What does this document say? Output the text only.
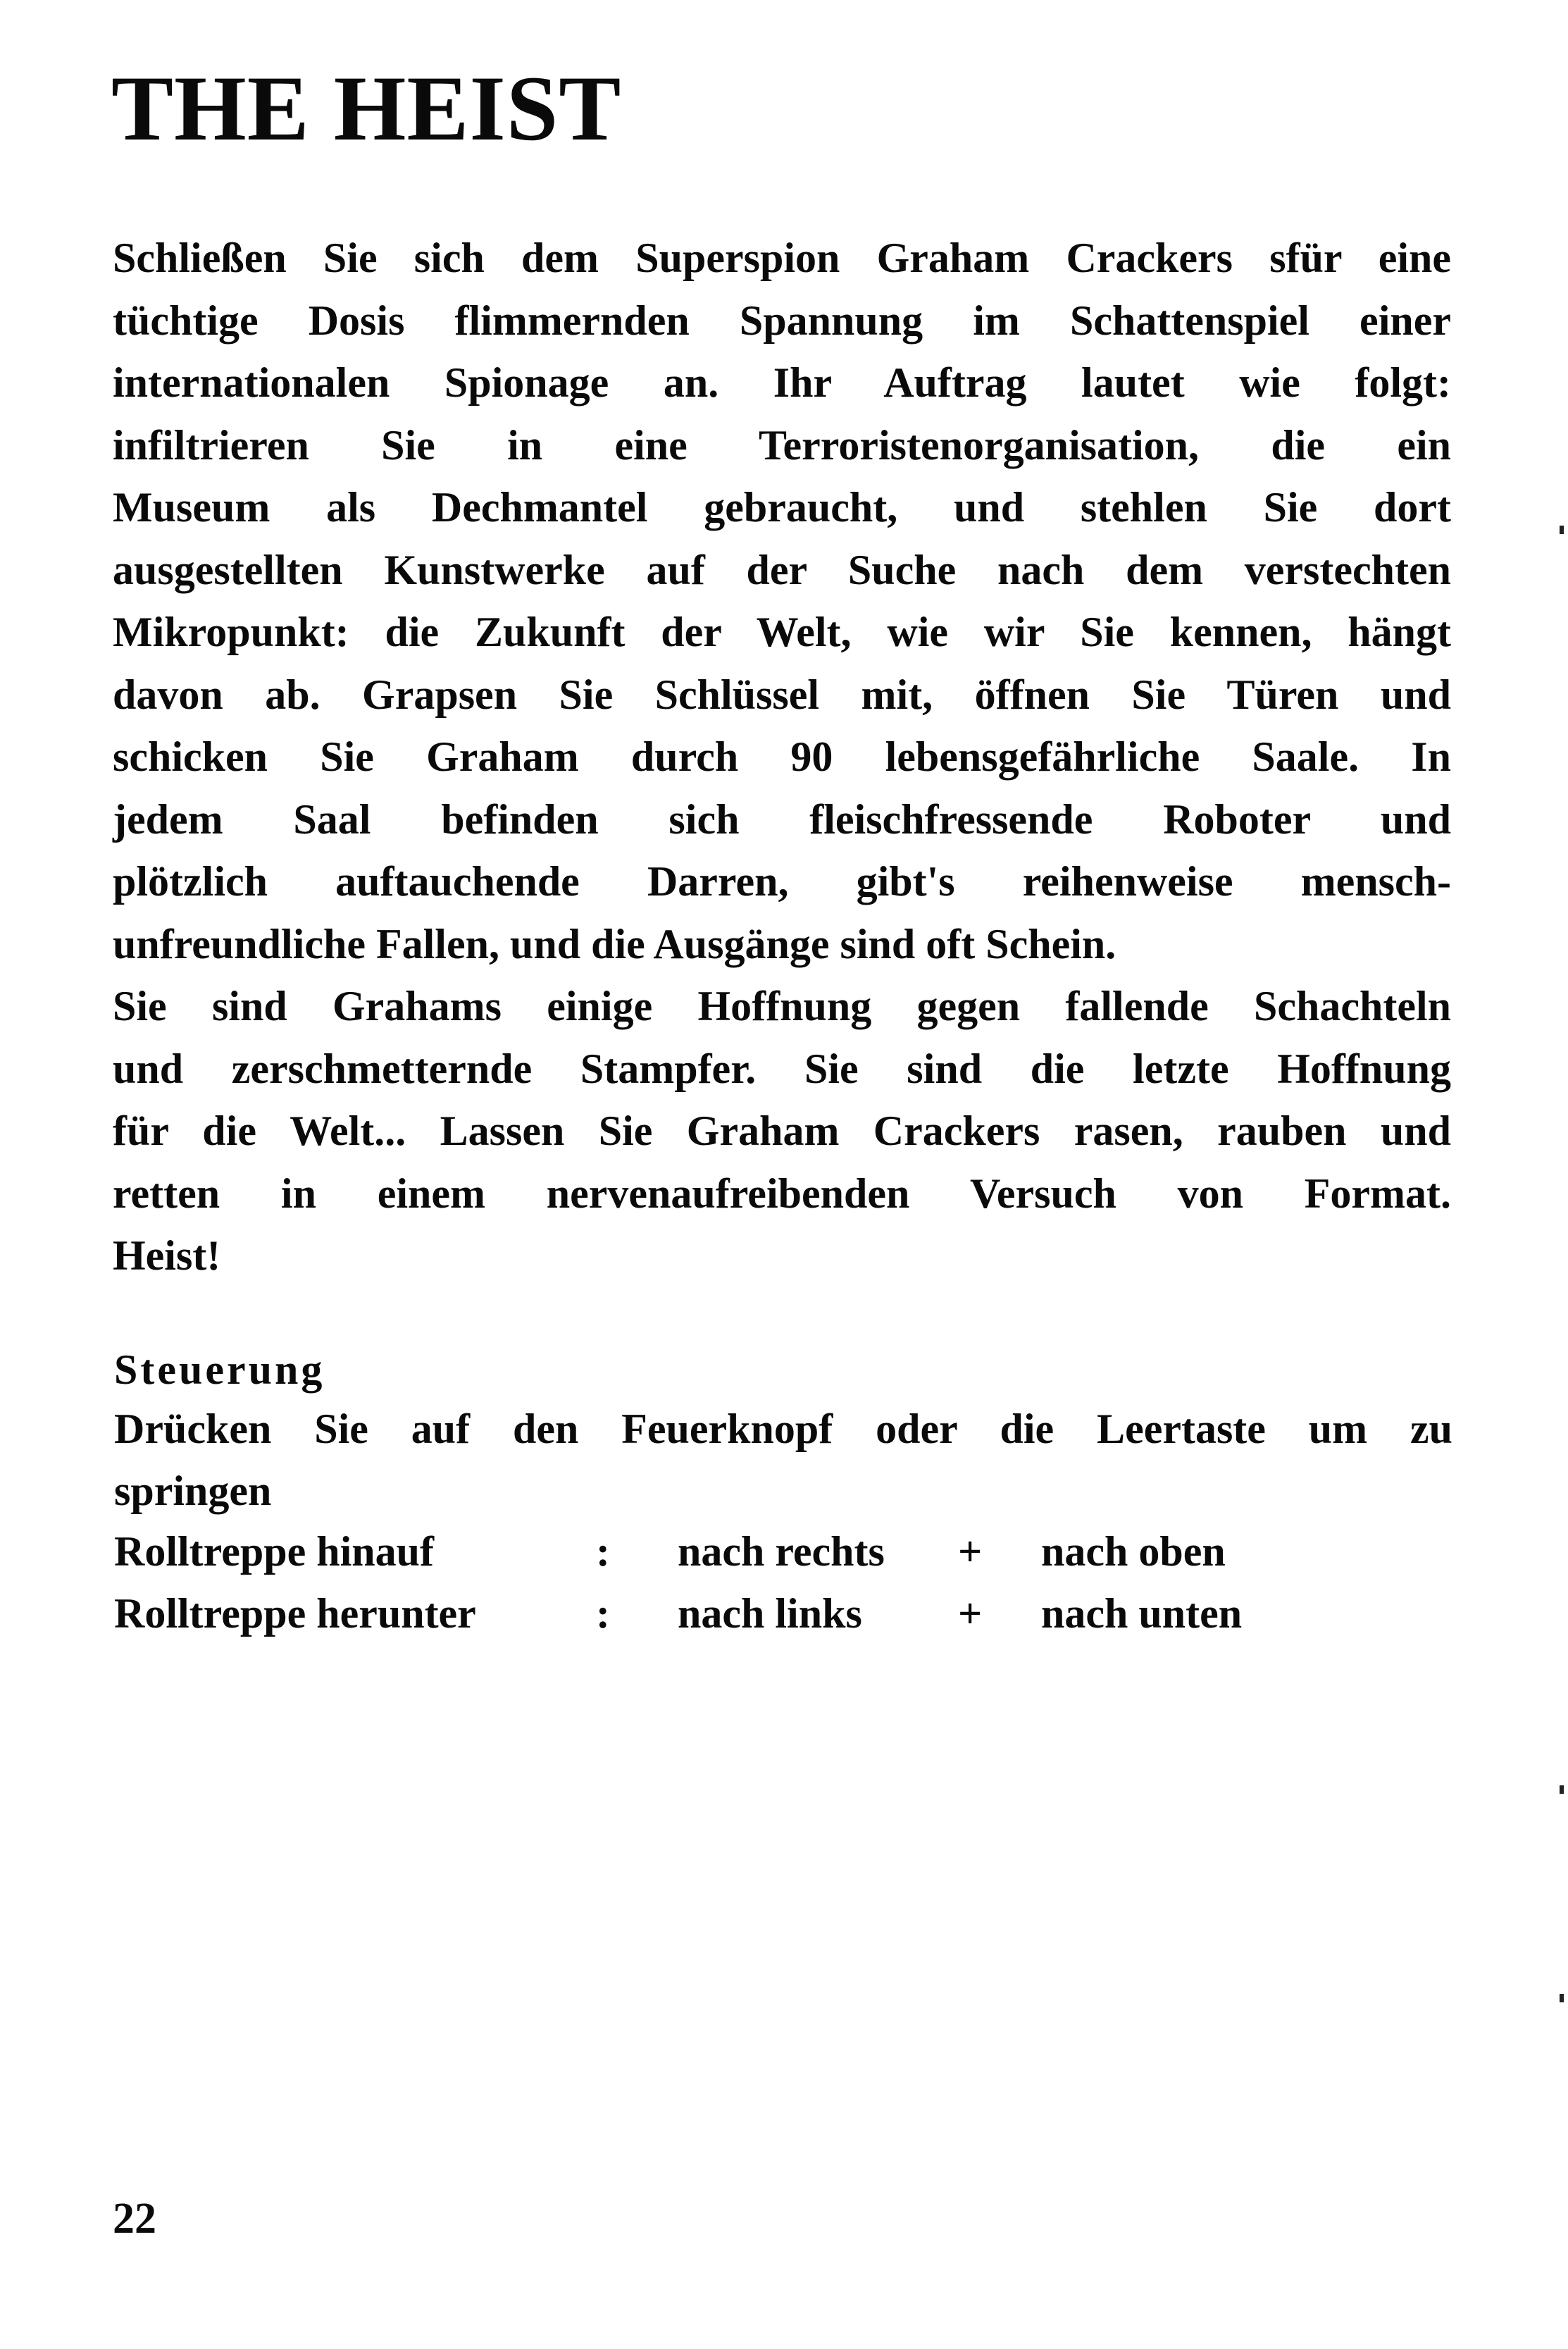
THE HEIST
Schließen Sie sich dem Superspion Graham Crackers sfür eine
tüchtige Dosis flimmernden Spannung im Schattenspiel einer
internationalen Spionage an. Ihr Auftrag lautet wie folgt:
infiltrieren Sie in eine Terroristenorganisation, die ein
Museum als Dechmantel gebraucht, und stehlen Sie dort
ausgestellten Kunstwerke auf der Suche nach dem verstechten
Mikropunkt: die Zukunft der Welt, wie wir Sie kennen, hängt
davon ab. Grapsen Sie Schlüssel mit, öffnen Sie Türen und
schicken Sie Graham durch 90 lebensgefährliche Saale. In
jedem Saal befinden sich fleischfressende Roboter und
plötzlich auftauchende Darren, gibt's reihenweise mensch-
unfreundliche Fallen, und die Ausgänge sind oft Schein.
Sie sind Grahams einige Hoffnung gegen fallende Schachteln
und zerschmetternde Stampfer. Sie sind die letzte Hoffnung
für die Welt... Lassen Sie Graham Crackers rasen, rauben und
retten in einem nervenaufreibenden Versuch von Format.
Heist!
Steuerung
Drücken Sie auf den Feuerknopf oder die Leertaste um zu
springen
Rolltreppe hinauf	: nach rechts + nach oben
Rolltreppe herunter	: nach links + nach unten
22
